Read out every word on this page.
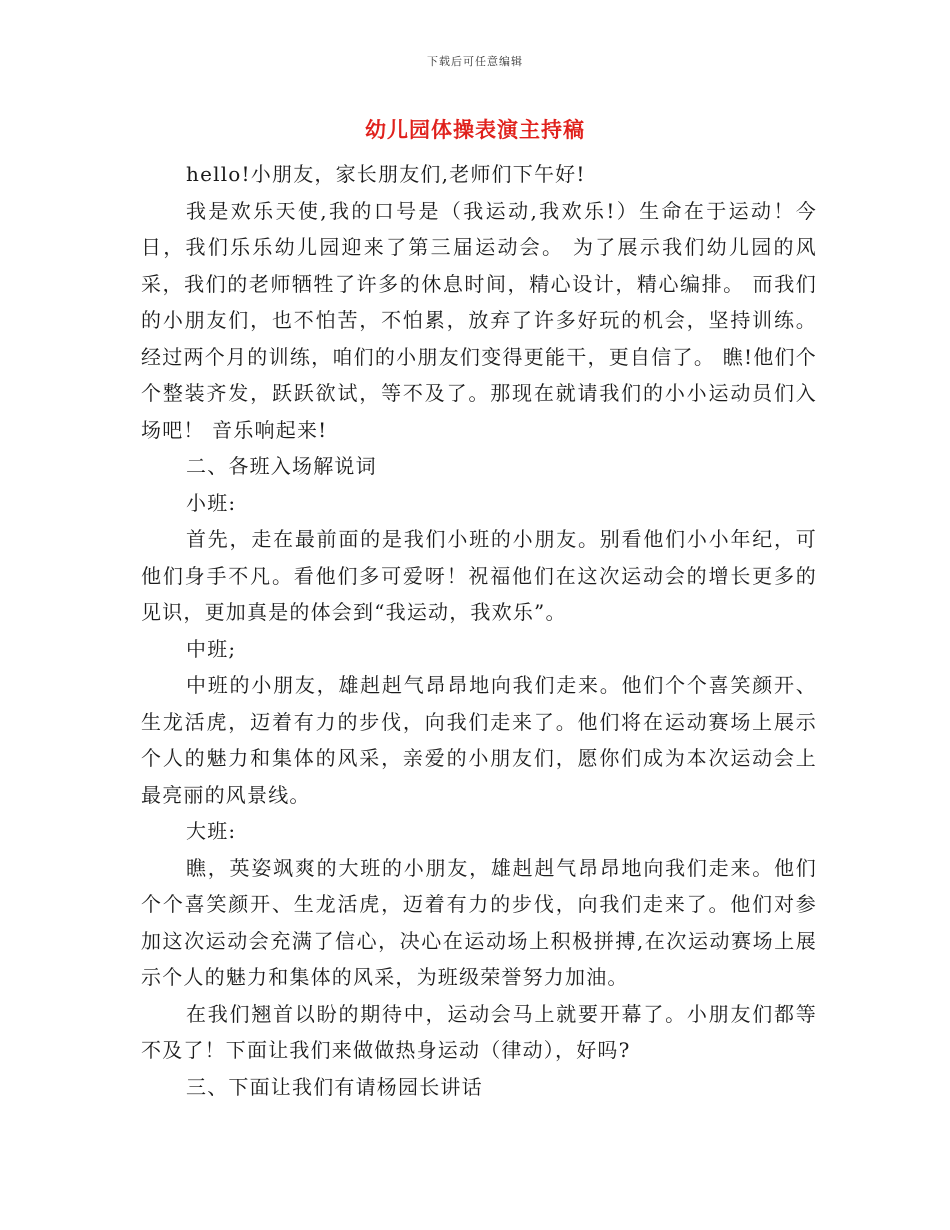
下载后可任意编辑
幼儿园体操表演主持稿

hello!小朋友，家长朋友们,老师们下午好!

我是欢乐天使,我的口号是（我运动,我欢乐!）生命在于运动！今日，我们乐乐幼儿园迎来了第三届运动会。 为了展示我们幼儿园的风采，我们的老师牺牲了许多的休息时间，精心设计，精心编排。 而我们的小朋友们，也不怕苦，不怕累，放弃了许多好玩的机会，坚持训练。经过两个月的训练，咱们的小朋友们变得更能干，更自信了。 瞧!他们个个整装齐发，跃跃欲试，等不及了。那现在就请我们的小小运动员们入场吧！ 音乐响起来!

二、各班入场解说词

小班:

首先，走在最前面的是我们小班的小朋友。别看他们小小年纪，可他们身手不凡。看他们多可爱呀！祝福他们在这次运动会的增长更多的见识，更加真是的体会到“我运动，我欢乐”。

中班;

中班的小朋友，雄赳赳气昂昂地向我们走来。他们个个喜笑颜开、生龙活虎，迈着有力的步伐，向我们走来了。他们将在运动赛场上展示个人的魅力和集体的风采，亲爱的小朋友们，愿你们成为本次运动会上最亮丽的风景线。

大班:

瞧，英姿飒爽的大班的小朋友，雄赳赳气昂昂地向我们走来。他们个个喜笑颜开、生龙活虎，迈着有力的步伐，向我们走来了。他们对参加这次运动会充满了信心，决心在运动场上积极拼搏,在次运动赛场上展示个人的魅力和集体的风采，为班级荣誉努力加油。

在我们翘首以盼的期待中，运动会马上就要开幕了。小朋友们都等不及了！下面让我们来做做热身运动（律动），好吗?

三、下面让我们有请杨园长讲话
